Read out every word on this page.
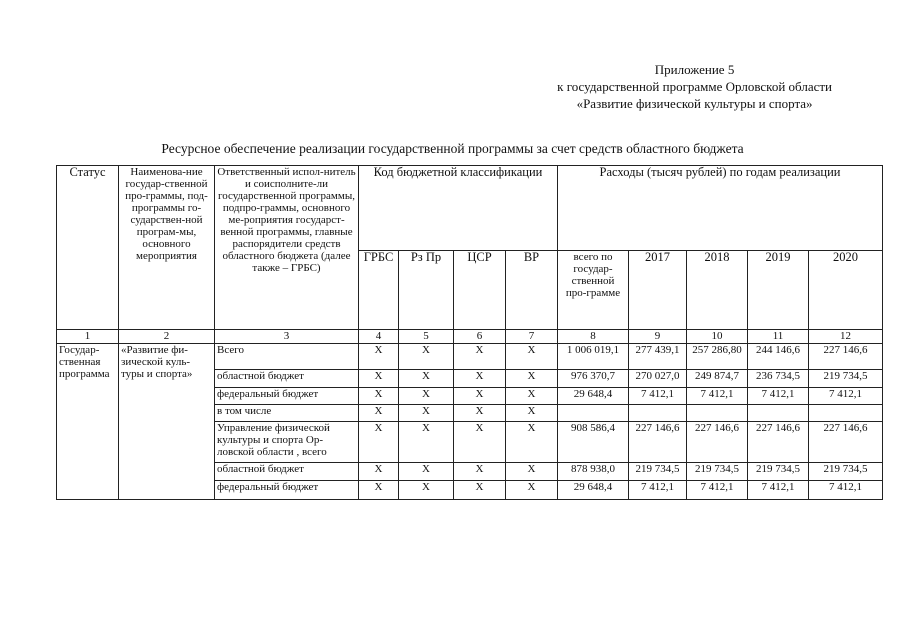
Приложение 5
к государственной программе Орловской области
«Развитие физической культуры и спорта»
Ресурсное обеспечение реализации государственной программы за счет средств областного бюджета
Статус	Наименова-ние государ-ственной про-граммы, под-программы го-сударствен-ной програм-мы, основного мероприятия	Ответственный испол-нитель и соисполните-ли государственной программы, подпро-граммы, основного ме-роприятия государст-венной программы, главные распорядители средств областного бюджета (далее также – ГРБС)	Код бюджетной классификации				Расходы (тысяч рублей) по годам реализации				
			ГРБС	Рз Пр	ЦСР	ВР	всего по государ-ственной про-грамме	2017	2018	2019	2020
1	2	3	4	5	6	7	8	9	10	11	12
Государ-ственная программа	«Развитие фи-зической куль-туры и спорта»	Всего	X	X	X	X	1 006 019,1	277 439,1	257 286,80	244 146,6	227 146,6
		областной бюджет	X	X	X	X	976 370,7	270 027,0	249 874,7	236 734,5	219 734,5
		федеральный бюджет	X	X	X	X	29 648,4	7 412,1	7 412,1	7 412,1	7 412,1
		в том числе	X	X	X	X					
		Управление физической культуры и спорта Ор-ловской области , всего	X	X	X	X	908 586,4	227 146,6	227 146,6	227 146,6	227 146,6
		областной бюджет	X	X	X	X	878 938,0	219 734,5	219 734,5	219 734,5	219 734,5
		федеральный бюджет	X	X	X	X	29 648,4	7 412,1	7 412,1	7 412,1	7 412,1
